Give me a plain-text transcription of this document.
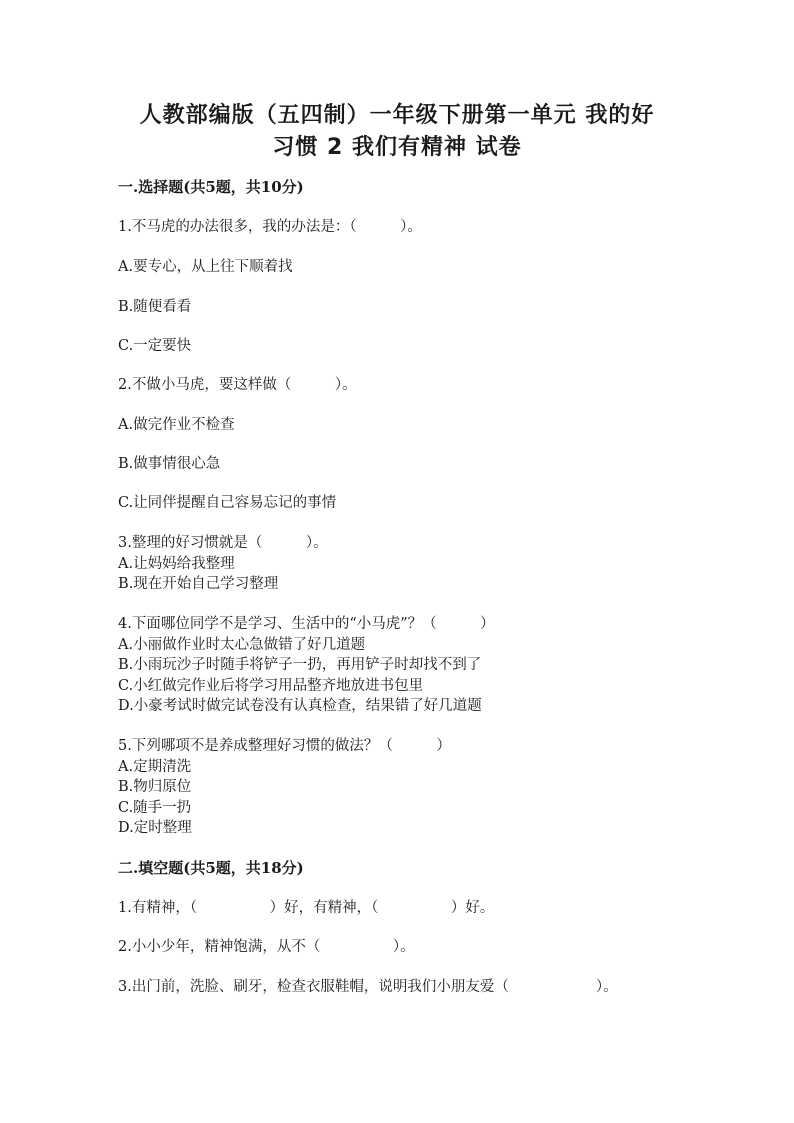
人教部编版（五四制）一年级下册第一单元 我的好
习惯 2 我们有精神 试卷
一.选择题(共5题，共10分)
1.不马虎的办法很多，我的办法是：（　　　）。
A.要专心，从上往下顺着找
B.随便看看
C.一定要快
2.不做小马虎，要这样做（　　　）。
A.做完作业不检查
B.做事情很心急
C.让同伴提醒自己容易忘记的事情
3.整理的好习惯就是（　　　）。
A.让妈妈给我整理
B.现在开始自己学习整理
4.下面哪位同学不是学习、生活中的“小马虎”？（　　　）
A.小丽做作业时太心急做错了好几道题
B.小雨玩沙子时随手将铲子一扔，再用铲子时却找不到了
C.小红做完作业后将学习用品整齐地放进书包里
D.小豪考试时做完试卷没有认真检查，结果错了好几道题
5.下列哪项不是养成整理好习惯的做法？（　　　）
A.定期清洗
B.物归原位
C.随手一扔
D.定时整理
二.填空题(共5题，共18分)
1.有精神，（　　　　　）好，有精神，（　　　　　）好。
2.小小少年，精神饱满，从不（　　　　　）。
3.出门前，洗脸、刷牙，检查衣服鞋帽，说明我们小朋友爱（　　　　　　）。
